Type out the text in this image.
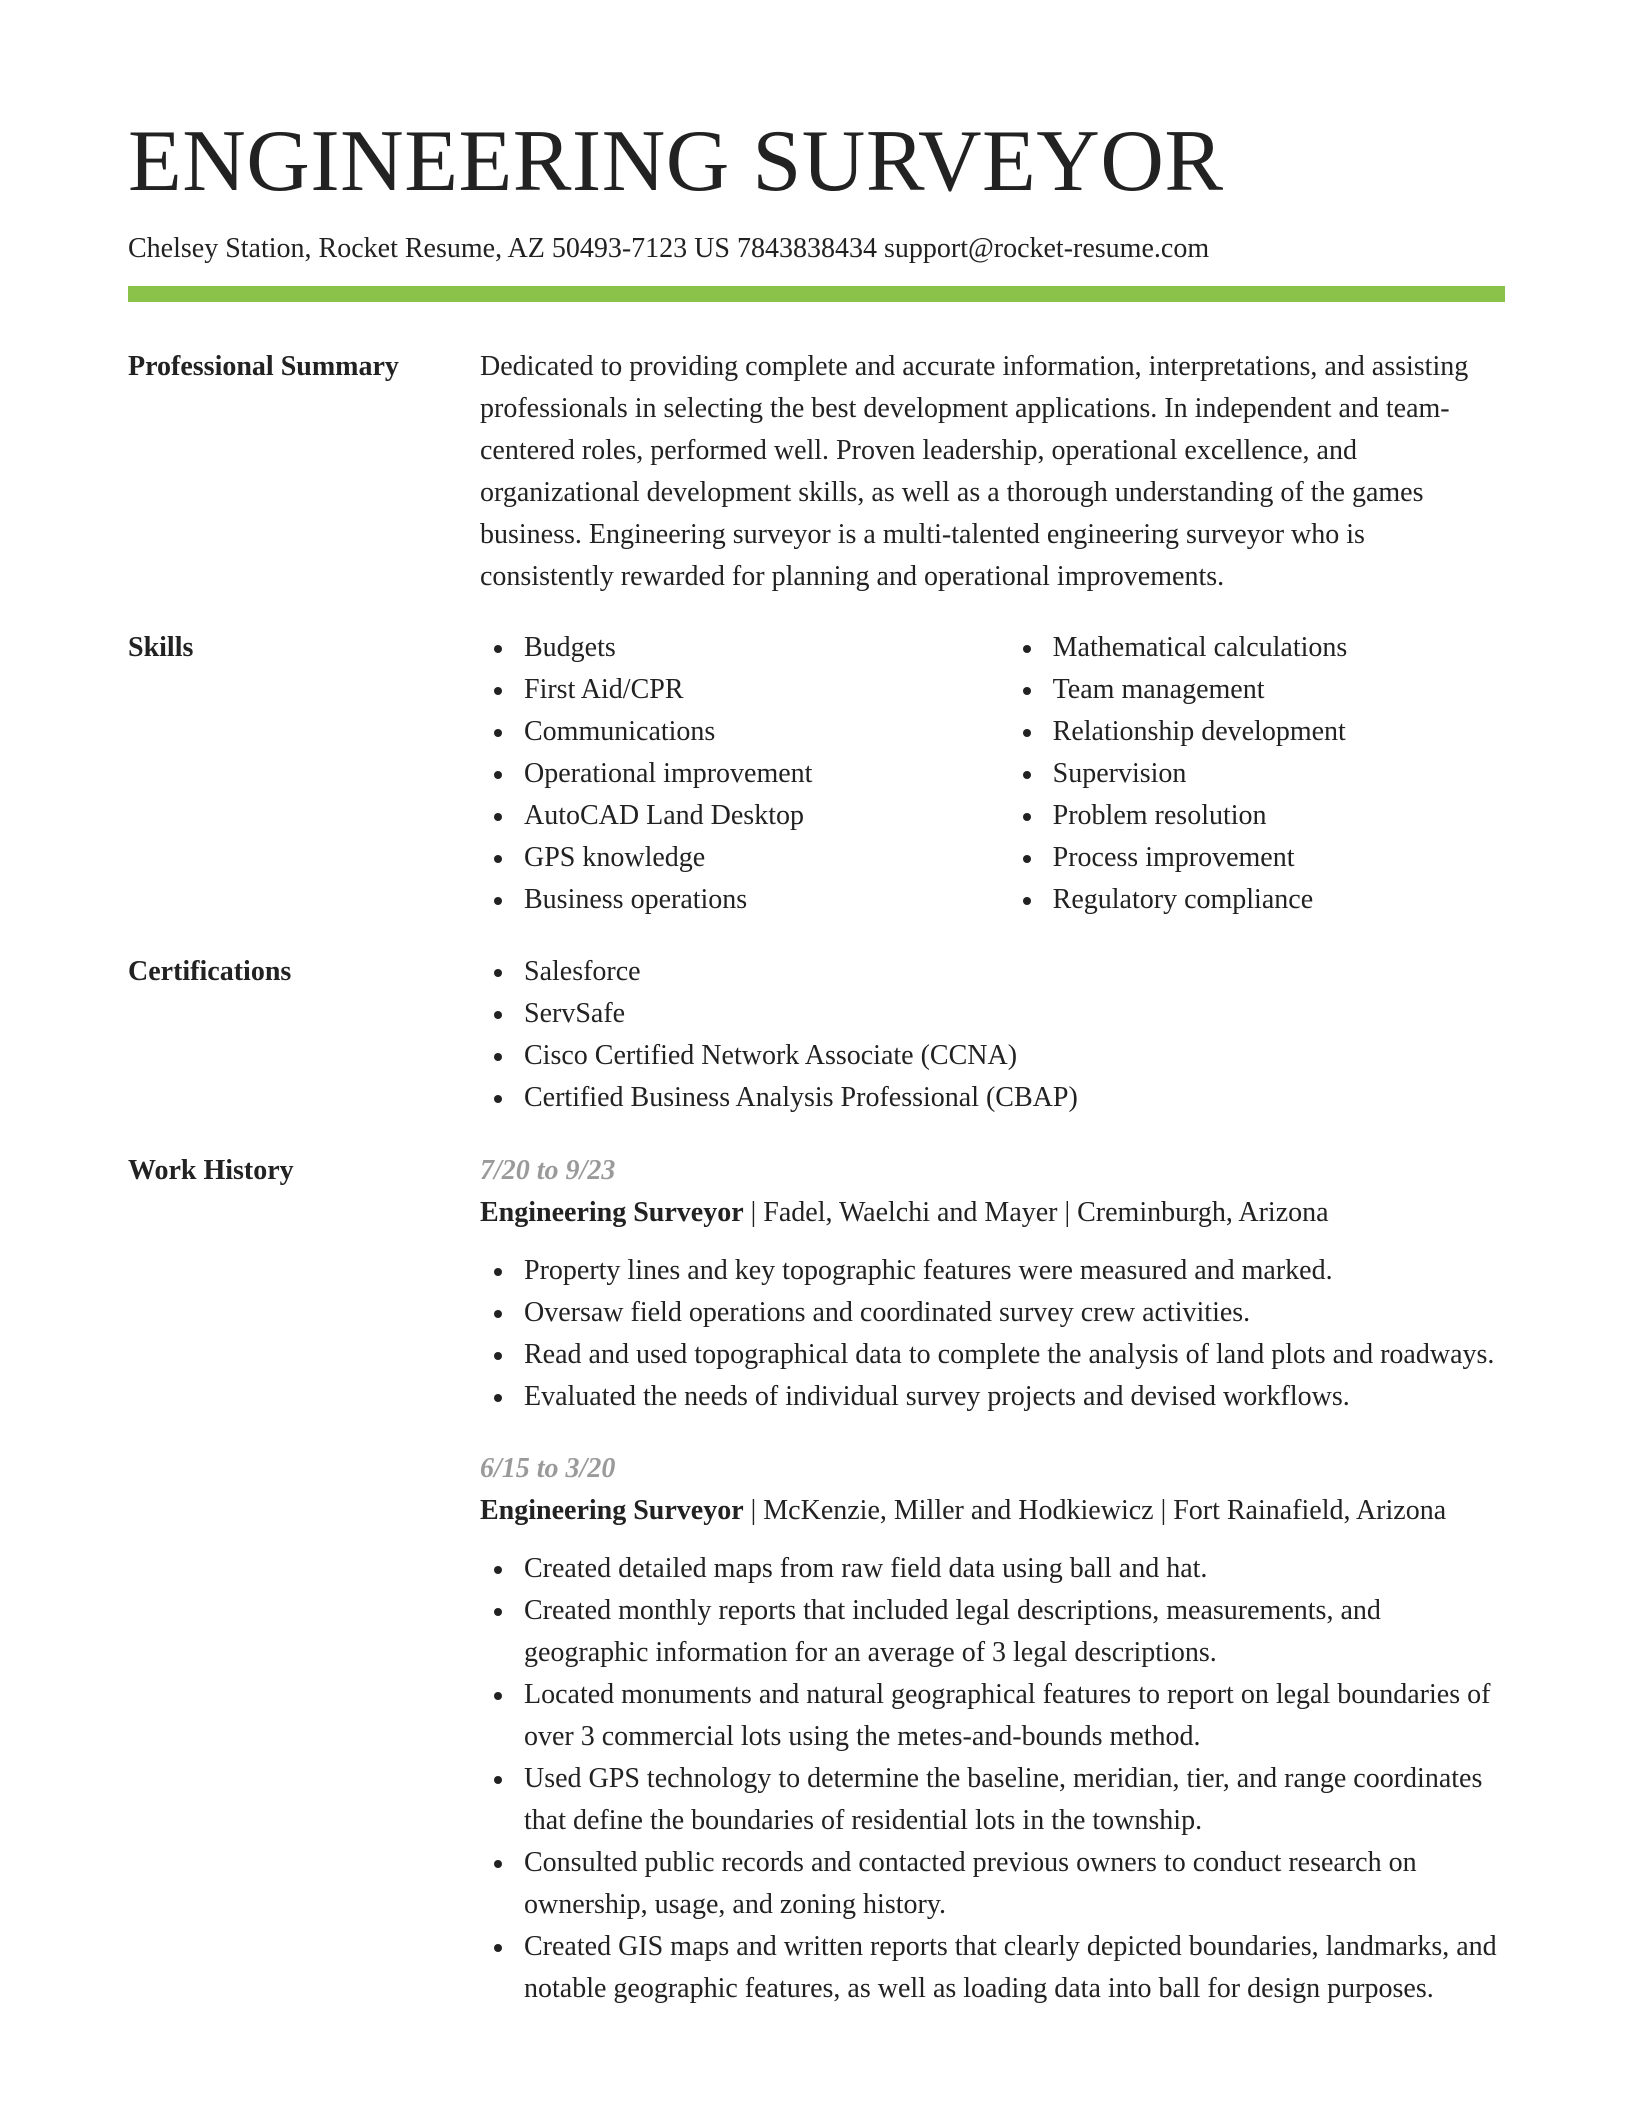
ENGINEERING SURVEYOR
Chelsey Station, Rocket Resume, AZ 50493-7123 US 7843838434 support@rocket-resume.com
Professional Summary	Dedicated to providing complete and accurate information, interpretations, and assisting professionals in selecting the best development applications. In independent and team-centered roles, performed well. Proven leadership, operational excellence, and organizational development skills, as well as a thorough understanding of the games business. Engineering surveyor is a multi-talented engineering surveyor who is consistently rewarded for planning and operational improvements.

Skills	Budgets
First Aid/CPR
Communications
Operational improvement
AutoCAD Land Desktop
GPS knowledge
Business operations
Mathematical calculations
Team management
Relationship development
Supervision
Problem resolution
Process improvement
Regulatory compliance
Certifications	Salesforce
ServSafe
Cisco Certified Network Associate (CCNA)
Certified Business Analysis Professional (CBAP)
Work History	7/20 to 9/23
Engineering Surveyor | Fadel, Waelchi and Mayer | Creminburgh, Arizona
Property lines and key topographic features were measured and marked.
Oversaw field operations and coordinated survey crew activities.
Read and used topographical data to complete the analysis of land plots and roadways.
Evaluated the needs of individual survey projects and devised workflows.
6/15 to 3/20
Engineering Surveyor | McKenzie, Miller and Hodkiewicz | Fort Rainafield, Arizona
Created detailed maps from raw field data using ball and hat.
Created monthly reports that included legal descriptions, measurements, and geographic information for an average of 3 legal descriptions.
Located monuments and natural geographical features to report on legal boundaries of over 3 commercial lots using the metes-and-bounds method.
Used GPS technology to determine the baseline, meridian, tier, and range coordinates that define the boundaries of residential lots in the township.
Consulted public records and contacted previous owners to conduct research on ownership, usage, and zoning history.
Created GIS maps and written reports that clearly depicted boundaries, landmarks, and notable geographic features, as well as loading data into ball for design purposes.
